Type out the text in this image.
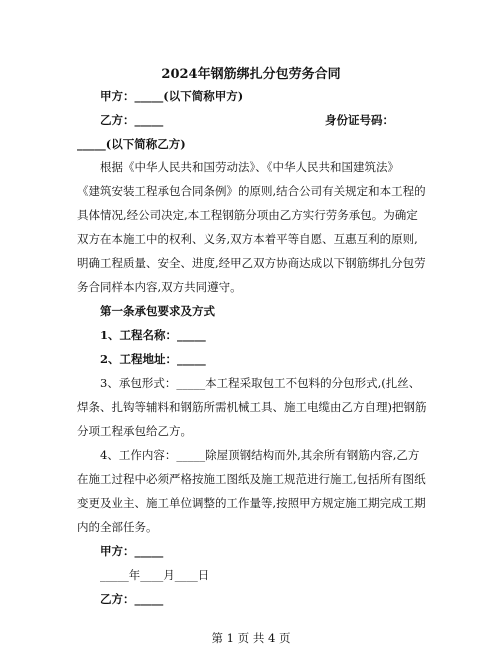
2024年钢筋绑扎分包劳务合同
甲方：_____(以下简称甲方)
乙方：_____	身份证号码：
_____(以下简称乙方)
根据《中华人民共和国劳动法》、《中华人民共和国建筑法》
《建筑安装工程承包合同条例》的原则,结合公司有关规定和本工程的
具体情况,经公司决定,本工程钢筋分项由乙方实行劳务承包。为确定
双方在本施工中的权利、义务,双方本着平等自愿、互惠互利的原则,
明确工程质量、安全、进度,经甲乙双方协商达成以下钢筋绑扎分包劳
务合同样本内容,双方共同遵守。
第一条承包要求及方式
1、工程名称：_____
2、工程地址：_____
3、承包形式：_____本工程采取包工不包料的分包形式,(扎丝、
焊条、扎钩等辅料和钢筋所需机械工具、施工电缆由乙方自理)把钢筋
分项工程承包给乙方。
4、工作内容：_____除屋顶钢结构而外,其余所有钢筋内容,乙方
在施工过程中必须严格按施工图纸及施工规范进行施工,包括所有图纸
变更及业主、施工单位调整的工作量等,按照甲方规定施工期完成工期
内的全部任务。
甲方：_____
_____年____月____日
乙方：_____
第 1 页 共 4 页
